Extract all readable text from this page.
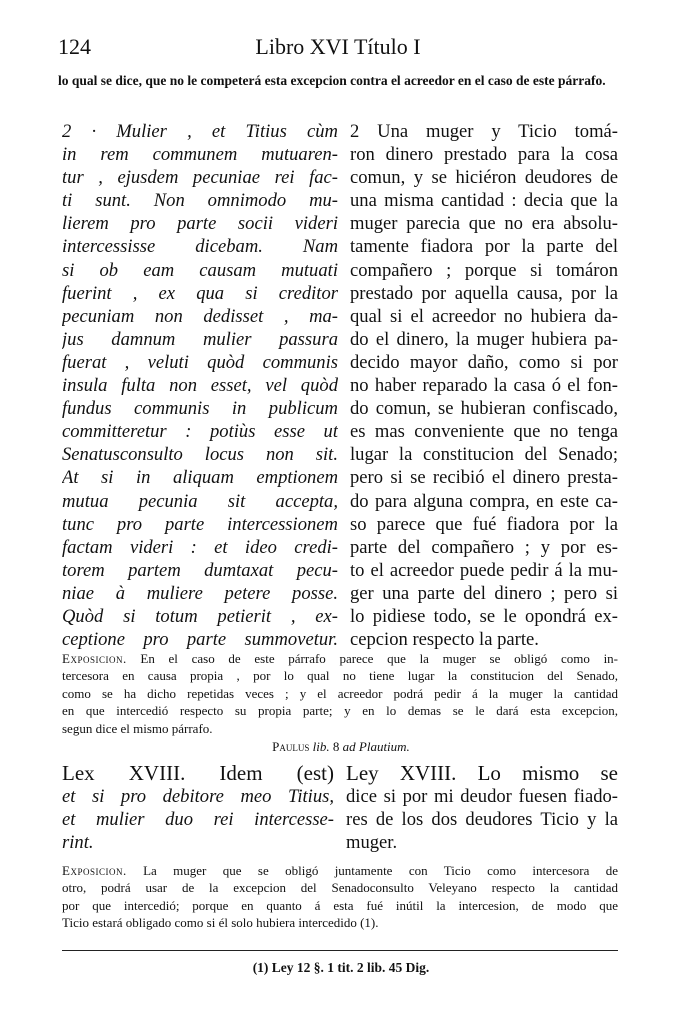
124	Libro XVI Título I
lo qual se dice, que no le competerá esta excepcion contra el acreedor en el caso de este párrafo.
2 · Mulier , et Titius cùm
in rem communem mutuaren-
tur , ejusdem pecuniae rei fac-
ti sunt. Non omnimodo mu-
lierem pro parte socii videri
intercessisse dicebam. Nam
si ob eam causam mutuati
fuerint , ex qua si creditor
pecuniam non dedisset , ma-
jus damnum mulier passura
fuerat , veluti quòd communis
insula fulta non esset, vel quòd
fundus communis in publicum
committeretur : potiùs esse ut
Senatusconsulto locus non sit.
At si in aliquam emptionem
mutua pecunia sit accepta,
tunc pro parte intercessionem
factam videri : et ideo credi-
torem partem dumtaxat pecu-
niae à muliere petere posse.
Quòd si totum petierit , ex-
ceptione pro parte summovetur.
2 Una muger y Ticio tomá-
ron dinero prestado para la cosa
comun, y se hiciéron deudores de
una misma cantidad : decia que la
muger parecia que no era absolu-
tamente fiadora por la parte del
compañero ; porque si tomáron
prestado por aquella causa, por la
qual si el acreedor no hubiera da-
do el dinero, la muger hubiera pa-
decido mayor daño, como si por
no haber reparado la casa ó el fon-
do comun, se hubieran confiscado,
es mas conveniente que no tenga
lugar la constitucion del Senado;
pero si se recibió el dinero presta-
do para alguna compra, en este ca-
so parece que fué fiadora por la
parte del compañero ; y por es-
to el acreedor puede pedir á la mu-
ger una parte del dinero ; pero si
lo pidiese todo, se le opondrá ex-
cepcion respecto la parte.
Exposicion. En el caso de este párrafo parece que la muger se obligó como in-
tercesora en causa propia , por lo qual no tiene lugar la constitucion del Senado,
como se ha dicho repetidas veces ; y el acreedor podrá pedir á la muger la cantidad
en que intercedió respecto su propia parte; y en lo demas se le dará esta excepcion,
segun dice el mismo párrafo.
Paulus lib. 8 ad Plautium.
Lex XVIII. Idem (est)
et si pro debitore meo Titius,
et mulier duo rei intercesse-
rint.
Ley XVIII. Lo mismo se
dice si por mi deudor fuesen fiado-
res de los dos deudores Ticio y la
muger.
Exposicion. La muger que se obligó juntamente con Ticio como intercesora de
otro, podrá usar de la excepcion del Senadoconsulto Veleyano respecto la cantidad
por que intercedió; porque en quanto á esta fué inútil la intercesion, de modo que
Ticio estará obligado como si él solo hubiera intercedido (1).
(1) Ley 12 §. 1 tit. 2 lib. 45 Dig.
